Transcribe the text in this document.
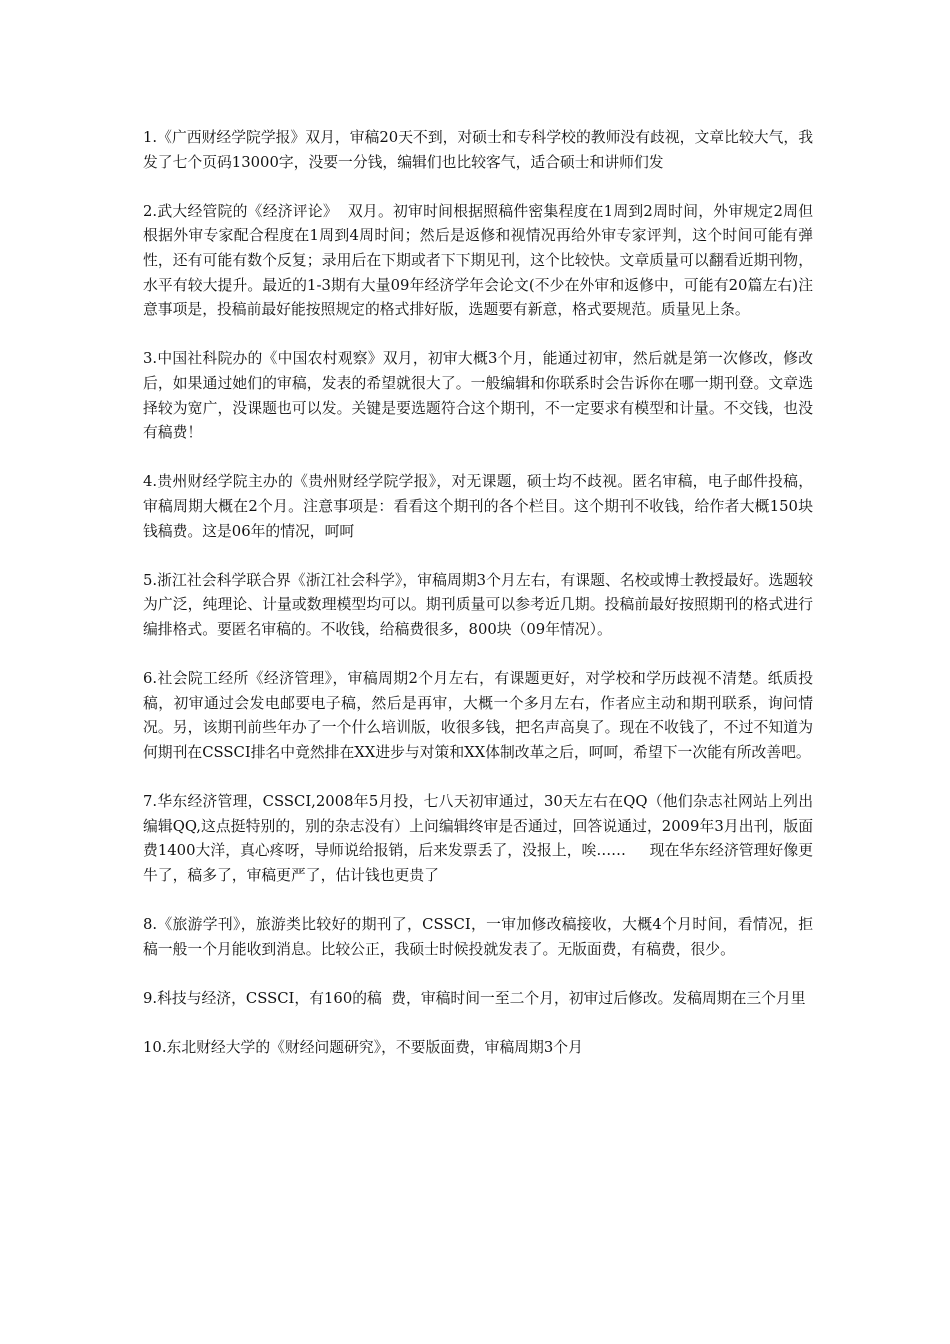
1.《广西财经学院学报》双月，审稿20天不到，对硕士和专科学校的教师没有歧视，文章比较大气，我发了七个页码13000字，没要一分钱，编辑们也比较客气，适合硕士和讲师们发

2.武大经管院的《经济评论》  双月。初审时间根据照稿件密集程度在1周到2周时间，外审规定2周但根据外审专家配合程度在1周到4周时间；然后是返修和视情况再给外审专家评判，这个时间可能有弹性，还有可能有数个反复；录用后在下期或者下下期见刊，这个比较快。文章质量可以翻看近期刊物，水平有较大提升。最近的1-3期有大量09年经济学年会论文(不少在外审和返修中，可能有20篇左右)注意事项是，投稿前最好能按照规定的格式排好版，选题要有新意，格式要规范。质量见上条。

3.中国社科院办的《中国农村观察》双月，初审大概3个月，能通过初审，然后就是第一次修改，修改后，如果通过她们的审稿，发表的希望就很大了。一般编辑和你联系时会告诉你在哪一期刊登。文章选择较为宽广，没课题也可以发。关键是要选题符合这个期刊，不一定要求有模型和计量。不交钱，也没有稿费！

4.贵州财经学院主办的《贵州财经学院学报》，对无课题，硕士均不歧视。匿名审稿，电子邮件投稿，审稿周期大概在2个月。注意事项是：看看这个期刊的各个栏目。这个期刊不收钱，给作者大概150块钱稿费。这是06年的情况，呵呵

5.浙江社会科学联合界《浙江社会科学》，审稿周期3个月左右，有课题、名校或博士教授最好。选题较为广泛，纯理论、计量或数理模型均可以。期刊质量可以参考近几期。投稿前最好按照期刊的格式进行编排格式。要匿名审稿的。不收钱，给稿费很多，800块（09年情况）。

6.社会院工经所《经济管理》，审稿周期2个月左右，有课题更好，对学校和学历歧视不清楚。纸质投稿，初审通过会发电邮要电子稿，然后是再审，大概一个多月左右，作者应主动和期刊联系，询问情况。另，该期刊前些年办了一个什么培训版，收很多钱，把名声高臭了。现在不收钱了，不过不知道为何期刊在CSSCI排名中竟然排在XX进步与对策和XX体制改革之后，呵呵，希望下一次能有所改善吧。

7.华东经济管理，CSSCI,2008年5月投，七八天初审通过，30天左右在QQ（他们杂志社网站上列出编辑QQ,这点挺特别的，别的杂志没有）上问编辑终审是否通过，回答说通过，2009年3月出刊，版面费1400大洋，真心疼呀，导师说给报销，后来发票丢了，没报上，唉……     现在华东经济管理好像更牛了，稿多了，审稿更严了，估计钱也更贵了

8.《旅游学刊》，旅游类比较好的期刊了，CSSCI，一审加修改稿接收，大概4个月时间，看情况，拒稿一般一个月能收到消息。比较公正，我硕士时候投就发表了。无版面费，有稿费，很少。

9.科技与经济，CSSCI，有160的稿  费，审稿时间一至二个月，初审过后修改。发稿周期在三个月里

10.东北财经大学的《财经问题研究》，不要版面费，审稿周期3个月
